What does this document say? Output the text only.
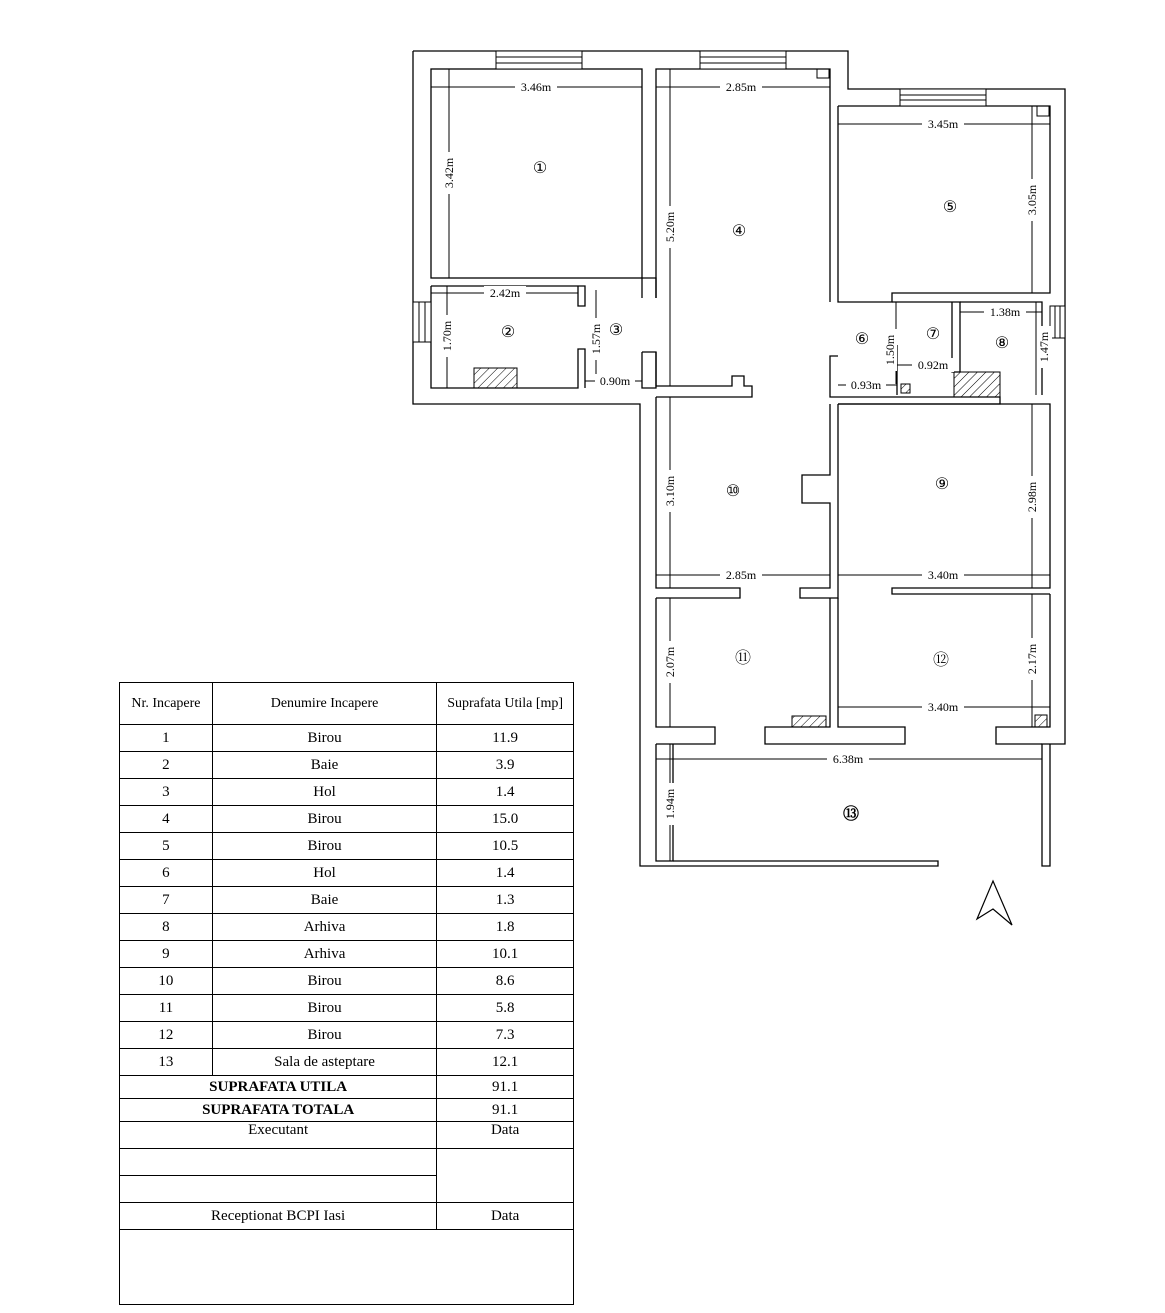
3.46m	2.85m
3.45m
3.42m
5.20m
3.05m
2.42m
1.70m	1.57m
0.90m
0.92m
1.50m
1.38m
1.47m
0.93m
3.10m
2.85m	3.40m
2.98m
2.07m	2.17m
3.40m
6.38m
1.94m
①
②	③
④
⑤
⑥	⑦
⑧
⑨
⑩
⑪	⑫
⑬
Nr. Incapere	Denumire Incapere	Suprafata Utila [mp]
1	Birou	11.9
2	Baie	3.9
3	Hol	1.4
4	Birou	15.0
5	Birou	10.5
6	Hol	1.4
7	Baie	1.3
8	Arhiva	1.8
9	Arhiva	10.1
10	Birou	8.6
11	Birou	5.8
12	Birou	7.3
13	Sala de asteptare	12.1
SUPRAFATA UTILA		91.1
SUPRAFATA TOTALA		91.1
Executant		Data

Receptionat BCPI Iasi		Data
